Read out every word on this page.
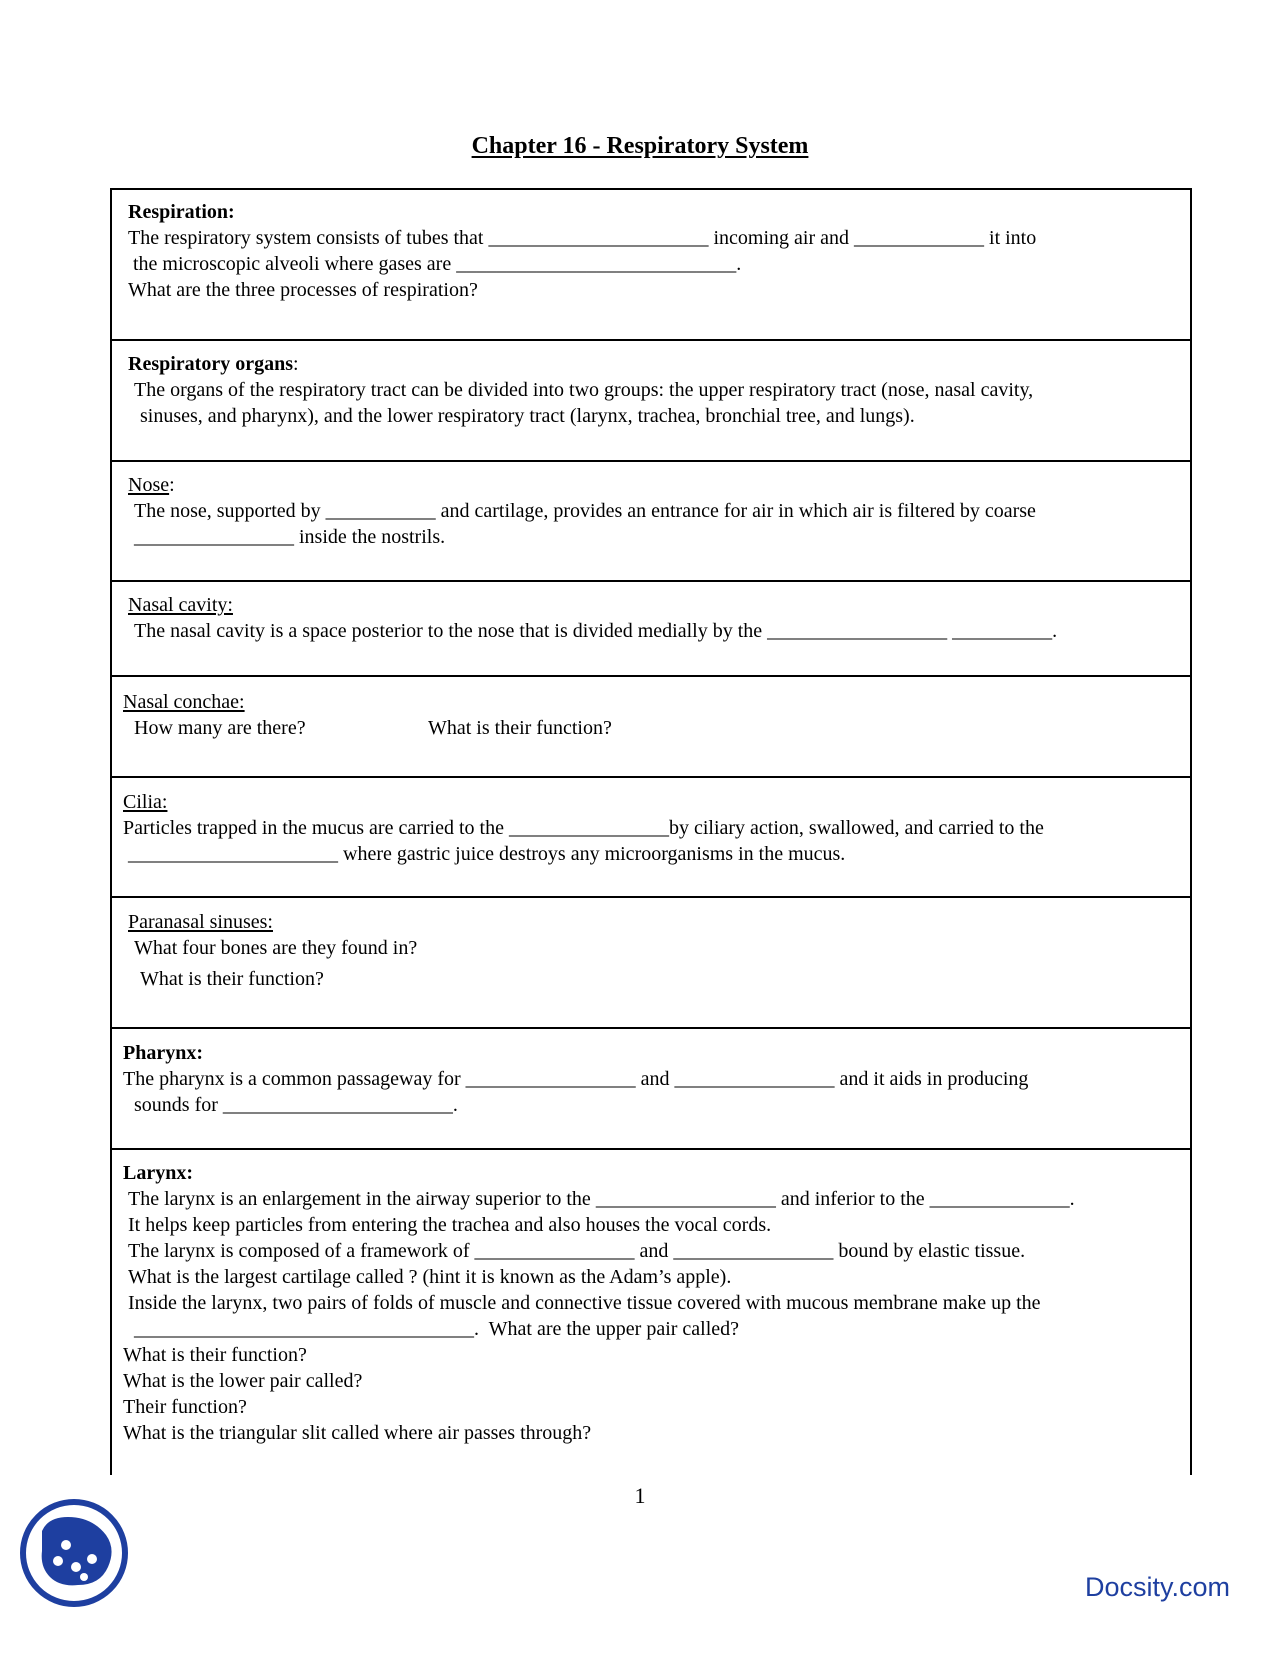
Chapter 16 - Respiratory System
Respiration:
The respiratory system consists of tubes that ______________________ incoming air and _____________ it into
the microscopic alveoli where gases are ____________________________.
What are the three processes of respiration?
Respiratory organs:
The organs of the respiratory tract can be divided into two groups: the upper respiratory tract (nose, nasal cavity,
sinuses, and pharynx), and the lower respiratory tract (larynx, trachea, bronchial tree, and lungs).
Nose:
The nose, supported by ___________ and cartilage, provides an entrance for air in which air is filtered by coarse
________________ inside the nostrils.
Nasal cavity:
The nasal cavity is a space posterior to the nose that is divided medially by the __________________ __________.
Nasal conchae:
How many are there?	What is their function?
Cilia:
Particles trapped in the mucus are carried to the ________________by ciliary action, swallowed, and carried to the
_____________________ where gastric juice destroys any microorganisms in the mucus.
Paranasal sinuses:
What four bones are they found in?
What is their function?
Pharynx:
The pharynx is a common passageway for _________________ and ________________ and it aids in producing
sounds for _______________________.
Larynx:
The larynx is an enlargement in the airway superior to the __________________ and inferior to the ______________.
It helps keep particles from entering the trachea and also houses the vocal cords.
The larynx is composed of a framework of ________________ and ________________ bound by elastic tissue.
What is the largest cartilage called ? (hint it is known as the Adam’s apple).
Inside the larynx, two pairs of folds of muscle and connective tissue covered with mucous membrane make up the
__________________________________.  What are the upper pair called?
What is their function?
What is the lower pair called?
Their function?
What is the triangular slit called where air passes through?
1
Docsity.com
